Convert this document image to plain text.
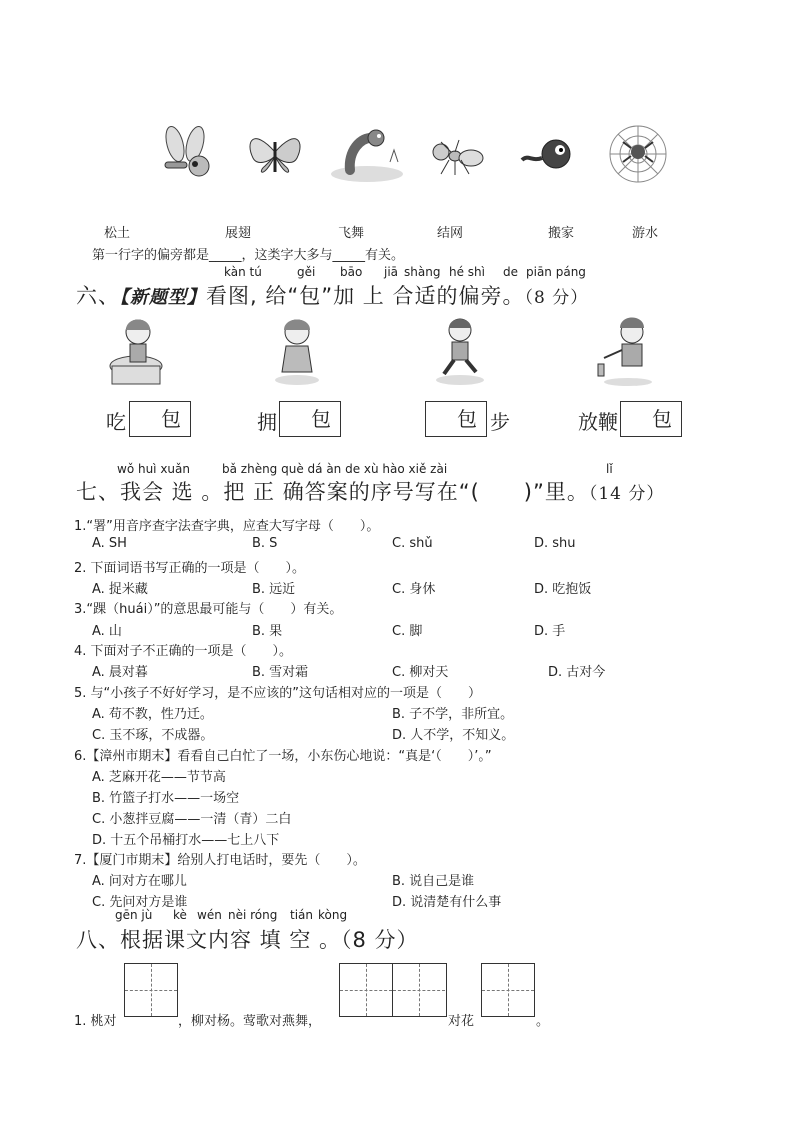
松土	展翅	飞舞	结网	搬家	游水
第一行字的偏旁都是_____，这类字大多与_____有关。
kàn tú	gěi bāo jiā shàng hé shì de piān páng
六、【新题型】看图, 给“包”加 上 合适的偏旁。（8 分）
吃	包	拥	包	包 步	放鞭	包
wǒ huì xuǎn	bǎ zhèng què dá àn de xù hào xiě zài	lǐ
七、我会 选 。把 正 确答案的序号写在“(　　)”里。（14 分）
1.“署”用音序查字法查字典，应查大写字母（　　）。
A. SH	B. S	C. shǔ	D. shu
2. 下面词语书写正确的一项是（　　）。
A. 捉米藏	B. 远近	C. 身休	D. 吃抱饭
3.“踝（huái）”的意思最可能与（　　）有关。
A. 山	B. 果	C. 脚	D. 手
4. 下面对子不正确的一项是（　　）。
A. 晨对暮	B. 雪对霜	C. 柳对天	D. 古对今
5. 与“小孩子不好好学习，是不应该的”这句话相对应的一项是（　　）
A. 苟不教，性乃迁。	B. 子不学，非所宜。
C. 玉不琢，不成器。	D. 人不学，不知义。
6.【漳州市期末】看看自己白忙了一场，小东伤心地说：“真是‘（　　）’。”
A. 芝麻开花——节节高
B. 竹篮子打水——一场空
C. 小葱拌豆腐——一清（青）二白
D. 十五个吊桶打水——七上八下
7.【厦门市期末】给别人打电话时，要先（　　）。
A. 问对方在哪儿	B. 说自己是谁
C. 先问对方是谁	D. 说清楚有什么事
gēn jù kè wén nèi róng tián kòng
八、根据课文内容 填 空 。（8 分）
1. 桃对	，柳对杨。莺歌对燕舞，	对花	。
